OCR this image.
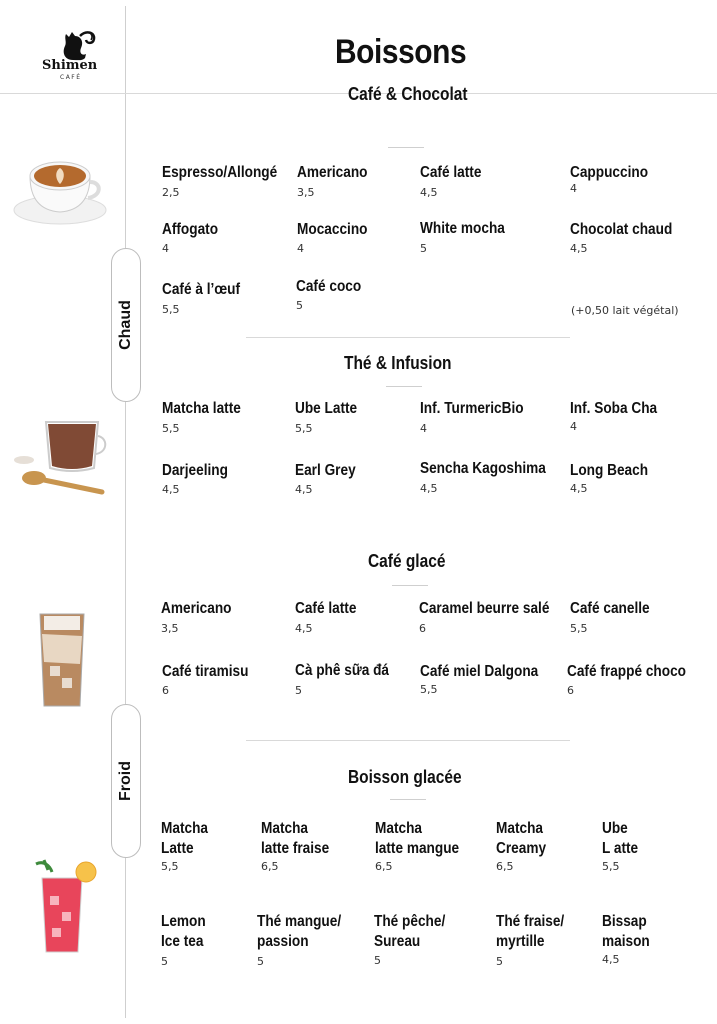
Shimen
CAFÉ
Boissons
Chaud
Froid
Café & Chocolat
Espresso/Allongé
2,5
Americano
3,5
Café latte
4,5
Cappuccino
4
Affogato
4
Mocaccino
4
White mocha
5
Chocolat chaud
4,5
Café à l’œuf
5,5
Café coco
5	(+0,50 lait végétal)
Thé & Infusion
Matcha latte
5,5
Ube Latte
5,5
Inf. TurmericBio
4
Inf. Soba Cha
4
Darjeeling
4,5
Earl Grey
4,5
Sencha Kagoshima
4,5
Long Beach
4,5
Café glacé
Americano
3,5
Café latte
4,5
Caramel beurre salé
6
Café canelle
5,5
Café tiramisu
6
Cà phê sữa đá
5
Café miel Dalgona
5,5
Café frappé choco
6
Boisson glacée
Matcha
Latte
5,5
Matcha
latte fraise
6,5
Matcha
latte mangue
6,5
Matcha
Creamy
6,5
Ube
L atte
5,5
Lemon
Ice tea
5
Thé mangue/
passion
5
Thé pêche/
Sureau
5
Thé fraise/
myrtille
5
Bissap
maison
4,5
